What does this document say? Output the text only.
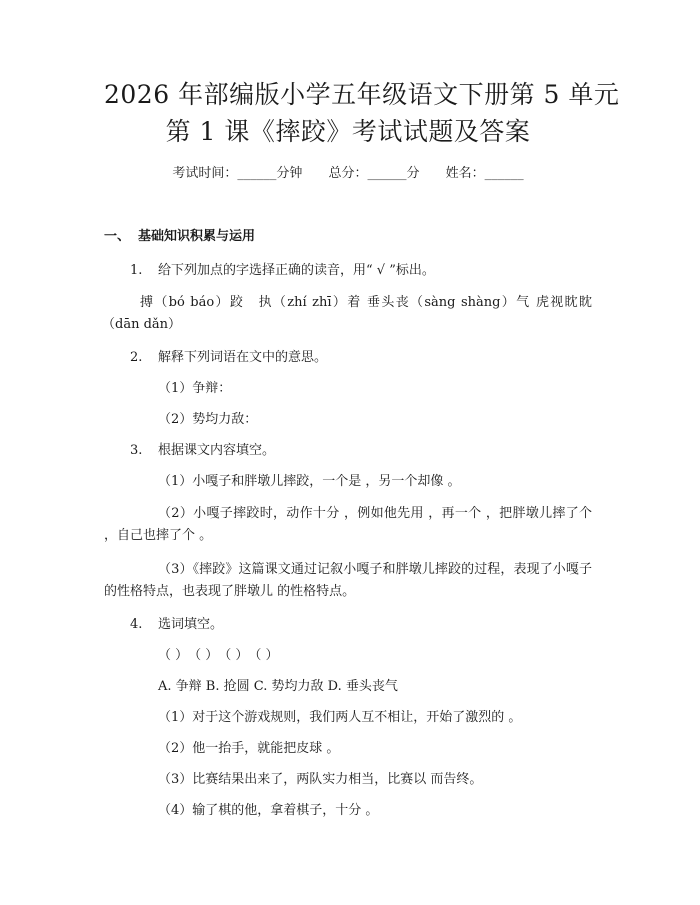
2026 年部编版小学五年级语文下册第 5 单元
第 1 课《摔跤》考试试题及答案
考试时间：______分钟 总分：______分 姓名：______
一、 基础知识积累与运用
1. 给下列加点的字选择正确的读音，用“ √ ”标出。
搏（bó báo）跤　执（zhí zhī）着 垂头丧（sàng shàng）气 虎视眈眈（dān dǎn）
2. 解释下列词语在文中的意思。
（1）争辩：
（2）势均力敌：
3. 根据课文内容填空。
（1）小嘎子和胖墩儿摔跤，一个是 ，另一个却像 。
（2）小嘎子摔跤时，动作十分 ，例如他先用 ，再一个 ，把胖墩儿摔了个 ，自己也摔了个 。
（3）《摔跤》这篇课文通过记叙小嘎子和胖墩儿摔跤的过程，表现了小嘎子 的性格特点，也表现了胖墩儿 的性格特点。
4. 选词填空。
（ ）　（ ）　（ ）　（ ）
A. 争辩 B. 抢圆 C. 势均力敌 D. 垂头丧气
（1）对于这个游戏规则，我们两人互不相让，开始了激烈的 。
（2）他一抬手，就能把皮球 。
（3）比赛结果出来了，两队实力相当，比赛以 而告终。
（4）输了棋的他，拿着棋子，十分 。
